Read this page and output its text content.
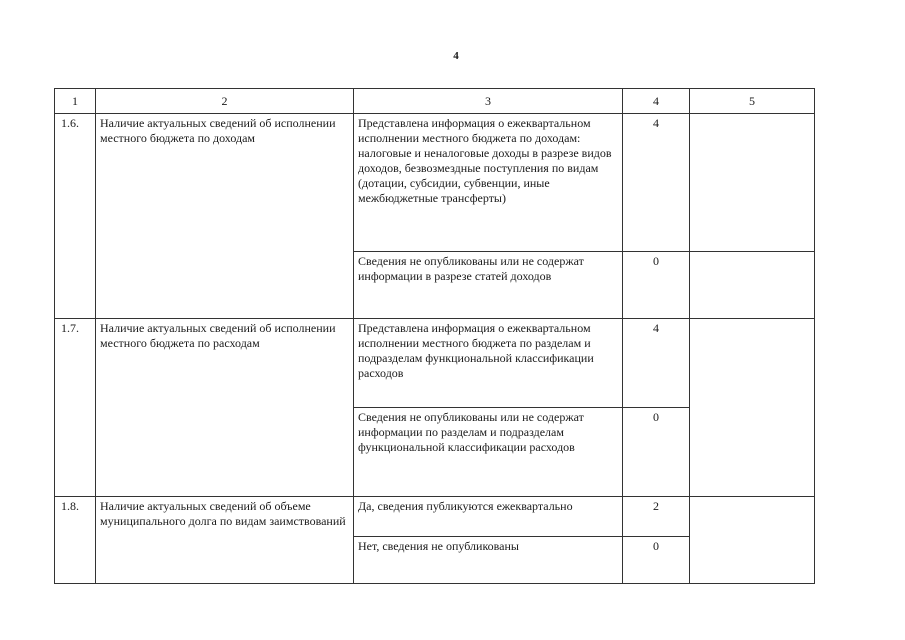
4
1	2	3	4	5
1.6.	Наличие актуальных сведений об исполнении местного бюджета по доходам	Представлена информация о ежеквартальном исполнении местного бюджета по доходам: налоговые и неналоговые доходы в разрезе видов доходов, безвозмездные поступления по видам (дотации, субсидии, субвенции, иные межбюджетные трансферты)	4	
		Сведения не опубликованы или не содержат информации в разрезе статей доходов	0	
1.7.	Наличие актуальных сведений об исполнении местного бюджета по расходам	Представлена информация о ежеквартальном исполнении местного бюджета по разделам и подразделам функциональной классификации расходов	4	
		Сведения не опубликованы или не содержат информации по разделам и подразделам функциональной классификации расходов	0	
1.8.	Наличие актуальных сведений об объеме муниципального долга по видам заимствований	Да, сведения публикуются ежеквартально	2	
		Нет, сведения не опубликованы	0	
